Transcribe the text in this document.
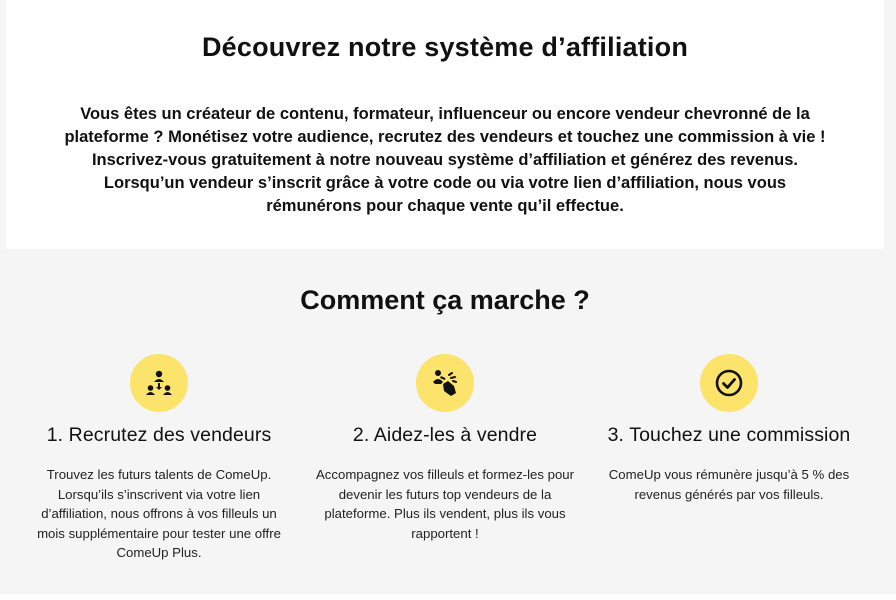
Découvrez notre système d’affiliation

Vous êtes un créateur de contenu, formateur, influenceur ou encore vendeur chevronné de la plateforme ? Monétisez votre audience, recrutez des vendeurs et touchez une commission à vie ! Inscrivez-vous gratuitement à notre nouveau système d’affiliation et générez des revenus. Lorsqu’un vendeur s’inscrit grâce à votre code ou via votre lien d’affiliation, nous vous rémunérons pour chaque vente qu’il effectue.

Comment ça marche ?
1. Recrutez des vendeurs

Trouvez les futurs talents de ComeUp. Lorsqu’ils s’inscrivent via votre lien d’affiliation, nous offrons à vos filleuls un mois supplémentaire pour tester une offre ComeUp Plus.

2. Aidez-les à vendre

Accompagnez vos filleuls et formez-les pour devenir les futurs top vendeurs de la plateforme. Plus ils vendent, plus ils vous rapportent !

3. Touchez une commission

ComeUp vous rémunère jusqu’à 5 % des revenus générés par vos filleuls.
